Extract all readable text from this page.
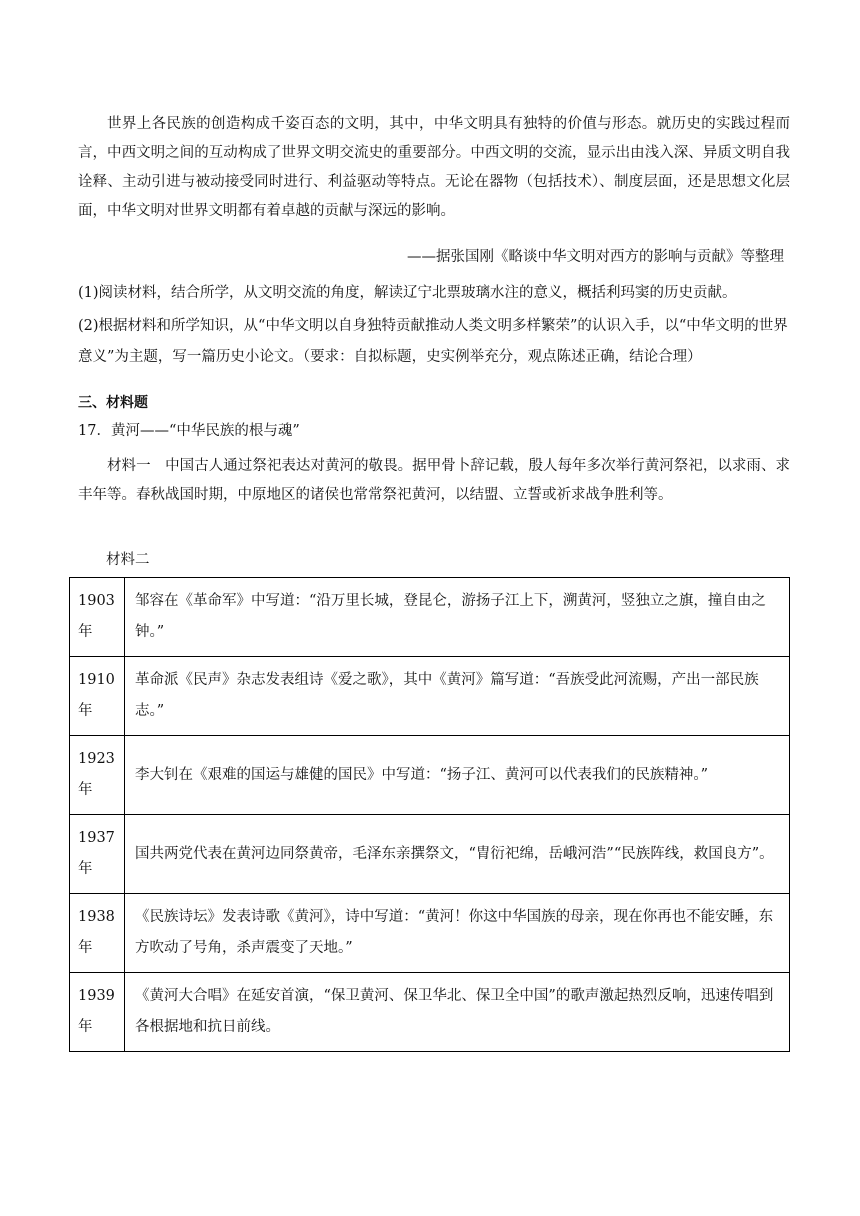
世界上各民族的创造构成千姿百态的文明，其中，中华文明具有独特的价值与形态。就历史的实践过程而言，中西文明之间的互动构成了世界文明交流史的重要部分。中西文明的交流，显示出由浅入深、异质文明自我诠释、主动引进与被动接受同时进行、利益驱动等特点。无论在器物（包括技术）、制度层面，还是思想文化层面，中华文明对世界文明都有着卓越的贡献与深远的影响。
——据张国刚《略谈中华文明对西方的影响与贡献》等整理
(1)阅读材料，结合所学，从文明交流的角度，解读辽宁北票玻璃水注的意义，概括利玛窦的历史贡献。
(2)根据材料和所学知识，从“中华文明以自身独特贡献推动人类文明多样繁荣”的认识入手，以“中华文明的世界意义”为主题，写一篇历史小论文。（要求：自拟标题，史实例举充分，观点陈述正确，结论合理）
三、材料题
17．黄河——“中华民族的根与魂”
材料一　中国古人通过祭祀表达对黄河的敬畏。据甲骨卜辞记载，殷人每年多次举行黄河祭祀，以求雨、求丰年等。春秋战国时期，中原地区的诸侯也常常祭祀黄河，以结盟、立誓或祈求战争胜利等。
材料二
1903年	邹容在《革命军》中写道：“沿万里长城，登昆仑，游扬子江上下，溯黄河，竖独立之旗，撞自由之钟。”
1910年	革命派《民声》杂志发表组诗《爱之歌》，其中《黄河》篇写道：“吾族受此河流赐，产出一部民族志。”
1923年	李大钊在《艰难的国运与雄健的国民》中写道：“扬子江、黄河可以代表我们的民族精神。”
1937年	国共两党代表在黄河边同祭黄帝，毛泽东亲撰祭文，“胄衍祀绵，岳峨河浩”“民族阵线，救国良方”。
1938年	《民族诗坛》发表诗歌《黄河》，诗中写道：“黄河！你这中华国族的母亲，现在你再也不能安睡，东方吹动了号角，杀声震变了天地。”
1939年	《黄河大合唱》在延安首演，“保卫黄河、保卫华北、保卫全中国”的歌声激起热烈反响，迅速传唱到各根据地和抗日前线。
